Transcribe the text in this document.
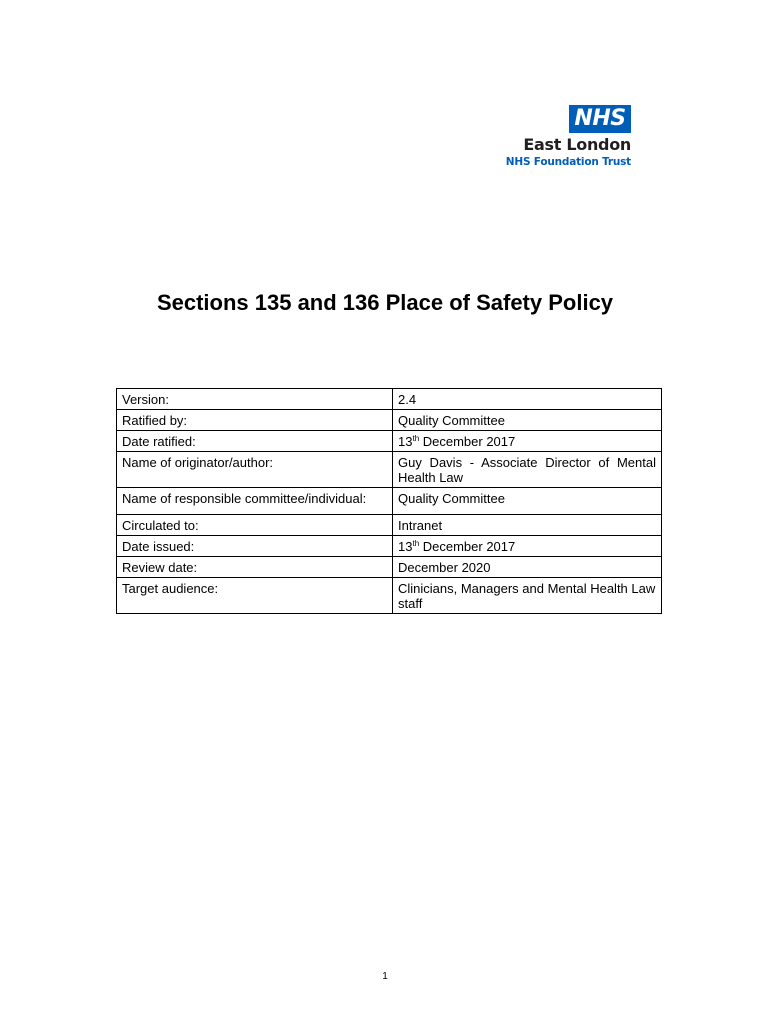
NHS
East London
NHS Foundation Trust
Sections 135 and 136 Place of Safety Policy
Version:	2.4
Ratified by:	Quality Committee
Date ratified:	13th December 2017
Name of originator/author:	Guy Davis - Associate Director of Mental Health Law
Name of responsible committee/individual:	Quality Committee
Circulated to:	Intranet
Date issued:	13th December 2017
Review date:	December 2020
Target audience:	Clinicians, Managers and Mental Health Law staff
1
